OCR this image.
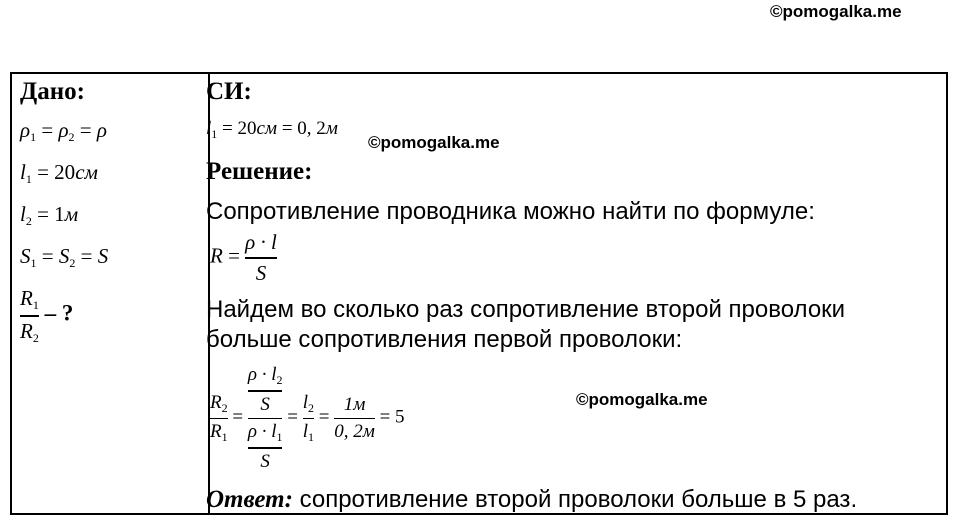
©pomogalka.me
Дано:
$\rho_1 = \rho_2 = \rho$
$l_1 = 20см$
$l_2 = 1м$
$S_1 = S_2 = S$
$\frac{R_1}{R_2}$ – ?
СИ:
$l_1 = 20см = 0$, 2м
Решение:
Сопротивление проводника можно найти по формуле:
$R = \frac{\rho \cdot l}{S}$
Найдем во сколько раз сопротивление второй проволоки
больше сопротивления первой проволоки:
$\frac{R_2}{R_1} = \frac{\frac{\rho \cdot l_2}{S}}{\frac{\rho \cdot l_1}{S}} = \frac{l_2}{l_1} = \frac{1м}{0, 2м} = 5$
Ответ: сопротивление второй проволоки больше в 5 раз.
©pomogalka.me
©pomogalka.me
